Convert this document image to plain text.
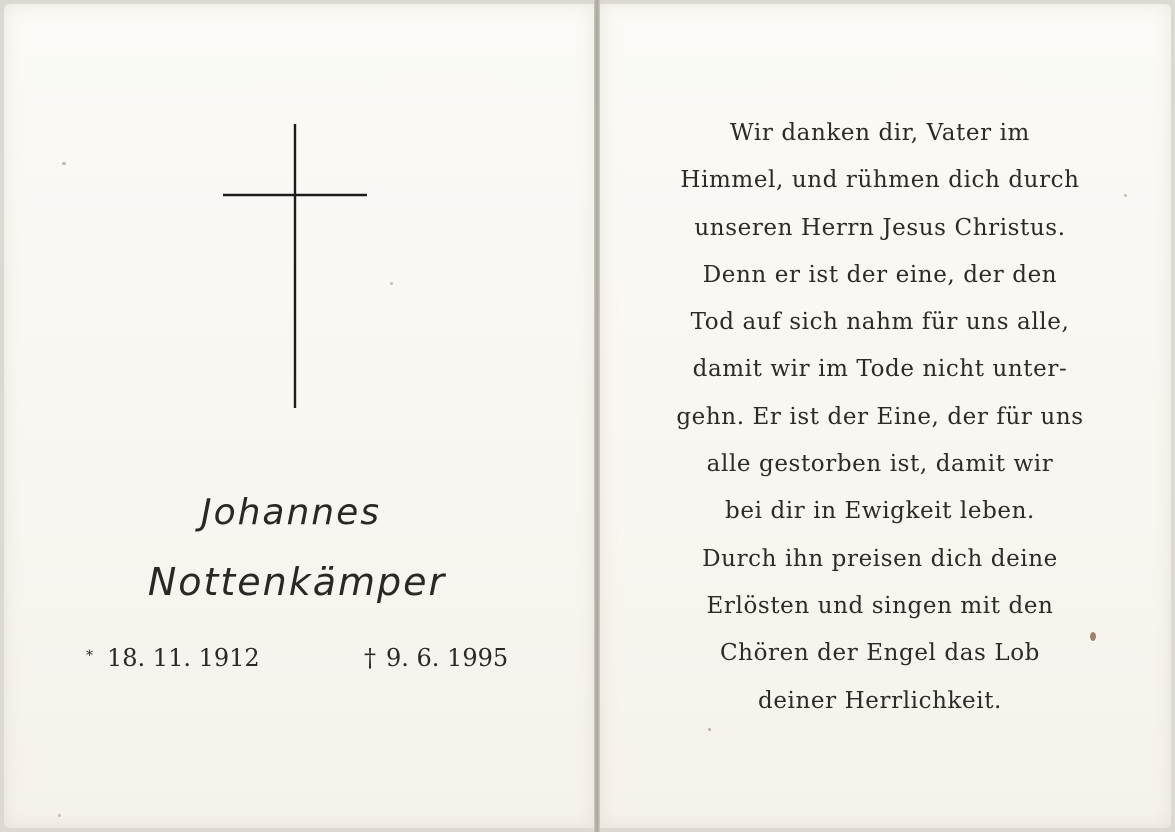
Johannes
Nottenkämper
* 18. 11. 1912	† 9. 6. 1995
Wir danken dir, Vater im
Himmel, und rühmen dich durch
unseren Herrn Jesus Christus.
Denn er ist der eine, der den
Tod auf sich nahm für uns alle,
damit wir im Tode nicht unter-
gehn. Er ist der Eine, der für uns
alle gestorben ist, damit wir
bei dir in Ewigkeit leben.
Durch ihn preisen dich deine
Erlösten und singen mit den
Chören der Engel das Lob
deiner Herrlichkeit.
